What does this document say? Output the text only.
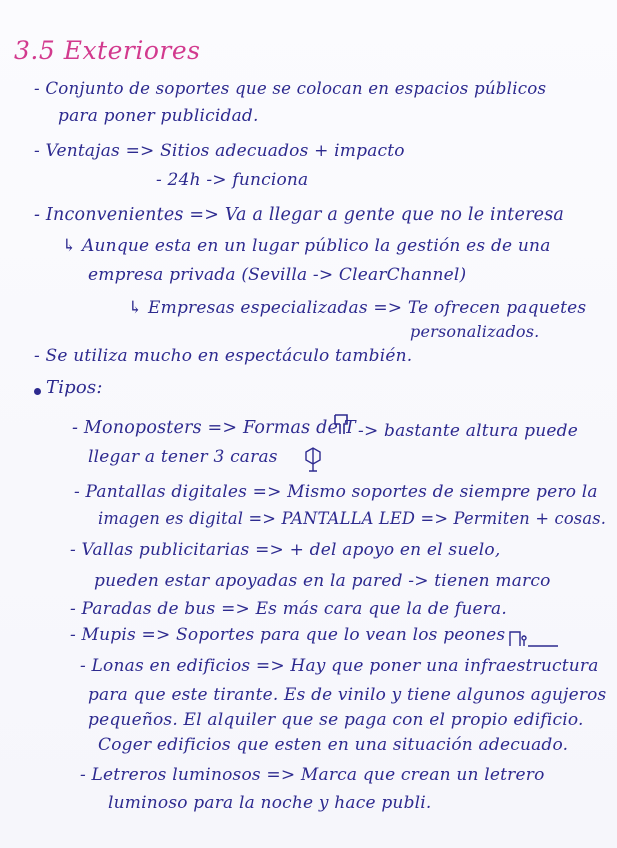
3.5 Exteriores
- Conjunto de soportes que se colocan en espacios públicos
para poner publicidad.
- Ventajas => Sitios adecuados + impacto
- 24h -> funciona
- Inconvenientes => Va a llegar a gente que no le interesa
↳ Aunque esta en un lugar público la gestión es de una
empresa privada (Sevilla -> ClearChannel)
↳ Empresas especializadas => Te ofrecen paquetes
personalizados.
- Se utiliza mucho en espectáculo también.
Tipos:
- Monoposters => Formas de T -> bastante altura puede
llegar a tener 3 caras
- Pantallas digitales => Mismo soportes de siempre pero la
imagen es digital => PANTALLA LED => Permiten + cosas.
- Vallas publicitarias => + del apoyo en el suelo,
pueden estar apoyadas en la pared -> tienen marco
- Paradas de bus => Es más cara que la de fuera.
- Mupis => Soportes para que lo vean los peones
- Lonas en edificios => Hay que poner una infraestructura
para que este tirante. Es de vinilo y tiene algunos agujeros
pequeños. El alquiler que se paga con el propio edificio.
Coger edificios que esten en una situación adecuado.
- Letreros luminosos => Marca que crean un letrero
luminoso para la noche y hace publi.
